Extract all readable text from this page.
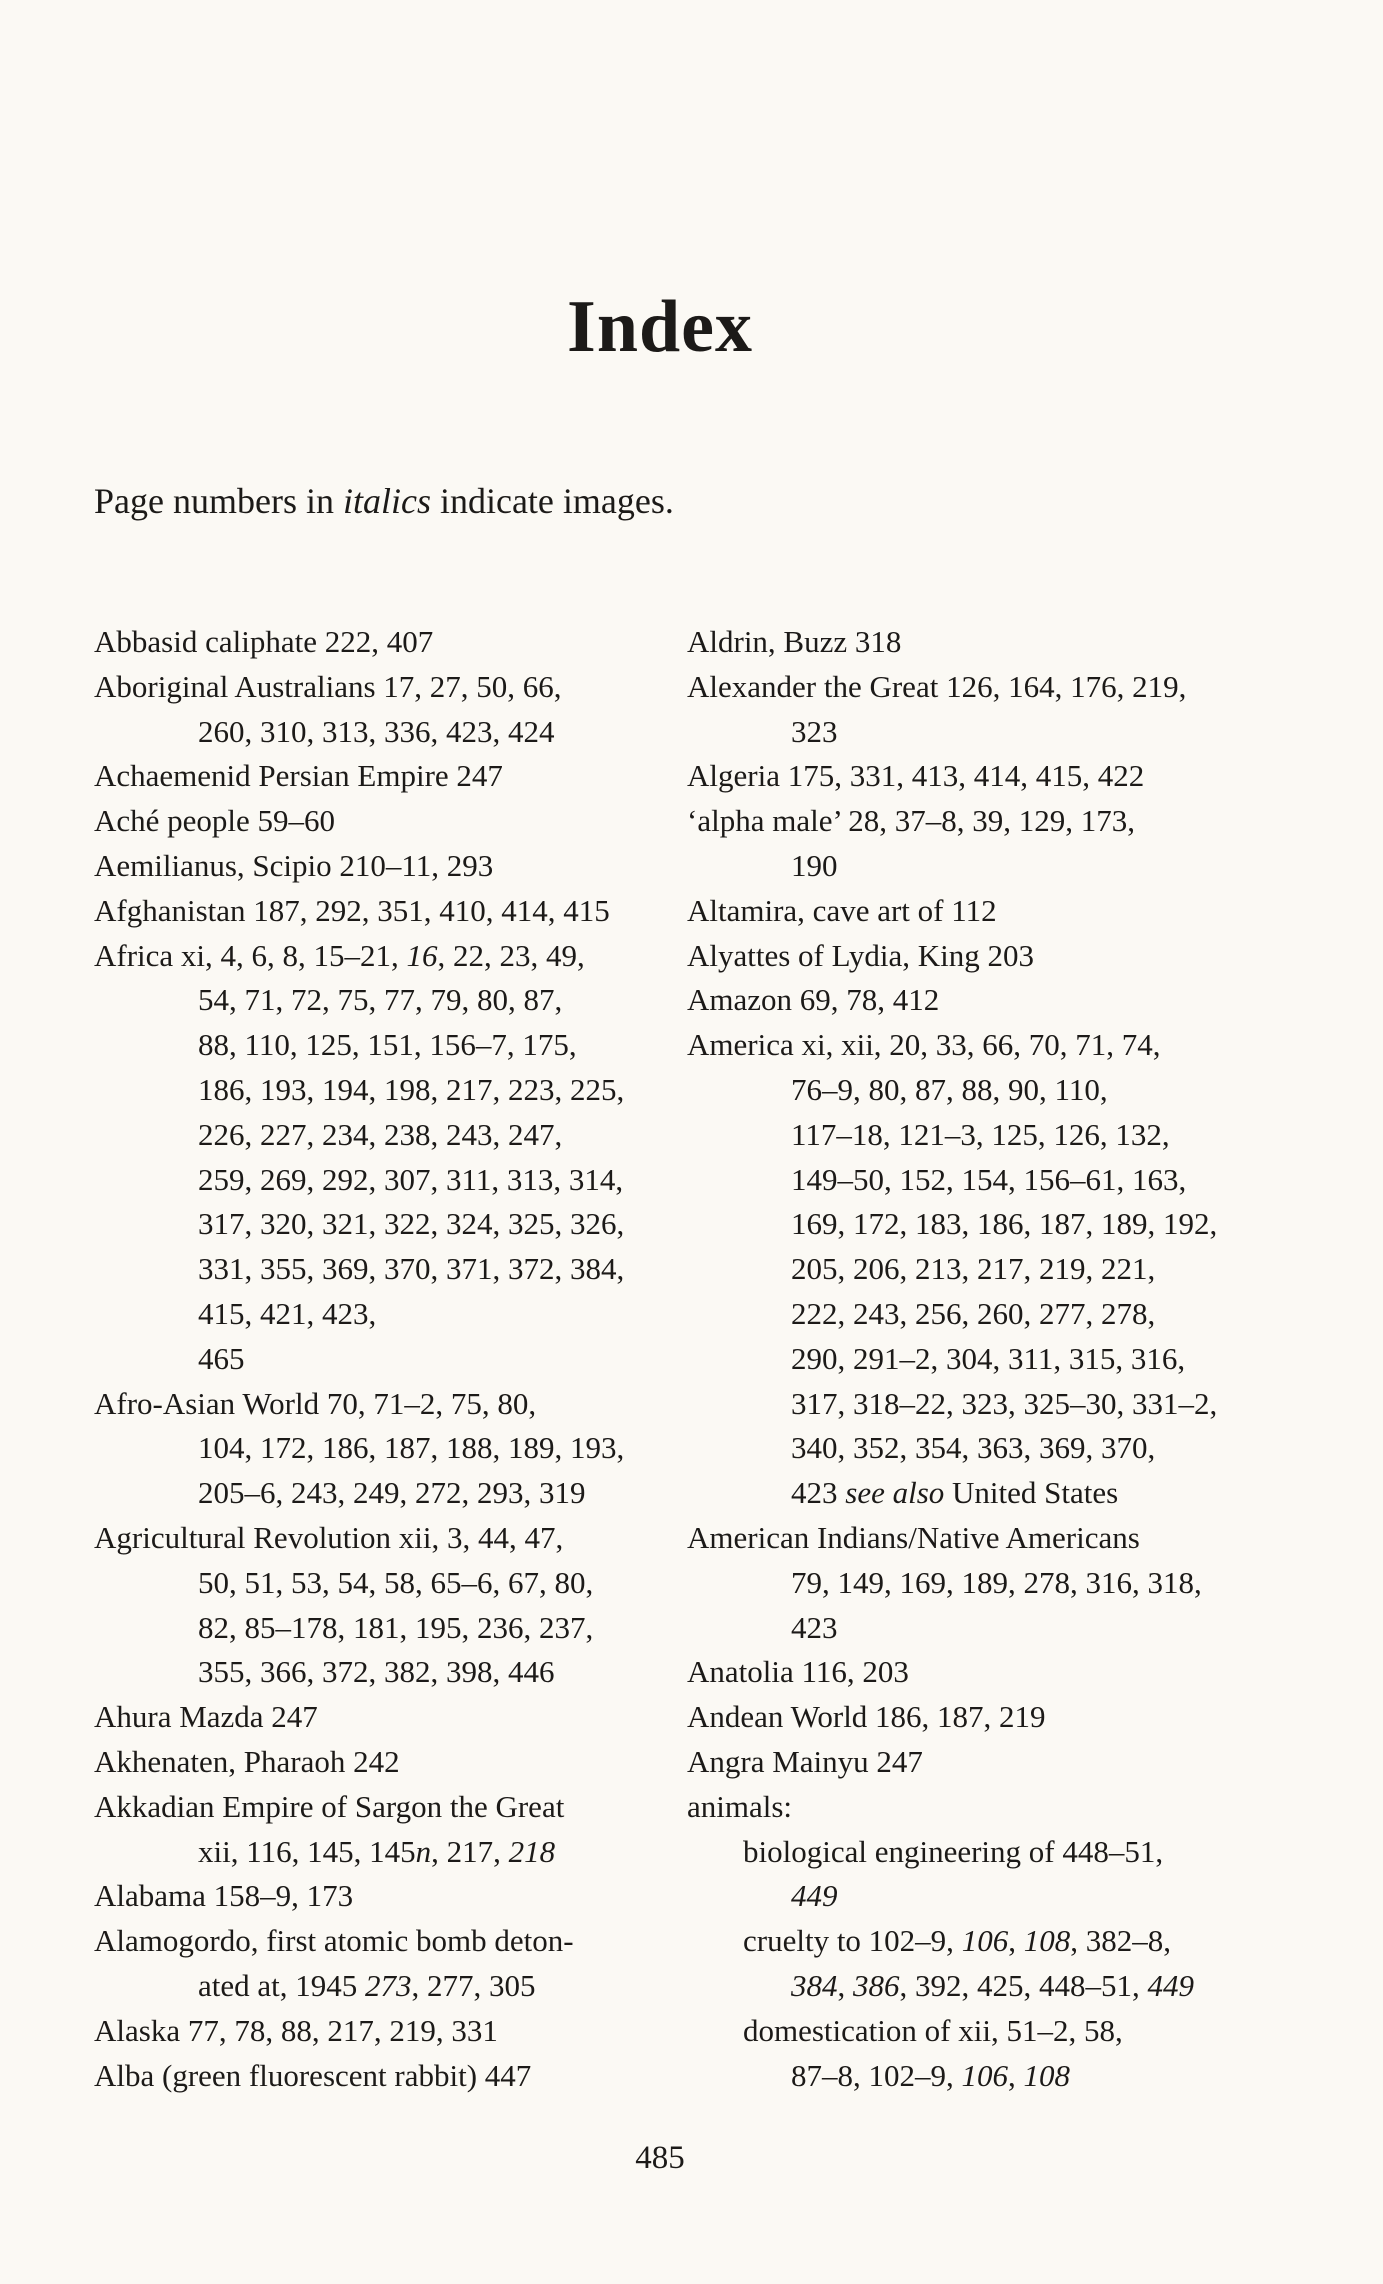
Index

Page numbers in italics indicate images.

Abbasid caliphate 222, 407
Aboriginal Australians 17, 27, 50, 66,
260, 310, 313, 336, 423, 424
Achaemenid Persian Empire 247
Aché people 59–60
Aemilianus, Scipio 210–11, 293
Afghanistan 187, 292, 351, 410, 414, 415
Africa xi, 4, 6, 8, 15–21, 16, 22, 23, 49,
54, 71, 72, 75, 77, 79, 80, 87,
88, 110, 125, 151, 156–7, 175,
186, 193, 194, 198, 217, 223, 225,
226, 227, 234, 238, 243, 247,
259, 269, 292, 307, 311, 313, 314,
317, 320, 321, 322, 324, 325, 326,
331, 355, 369, 370, 371, 372, 384,
415, 421, 423,
465
Afro-Asian World 70, 71–2, 75, 80,
104, 172, 186, 187, 188, 189, 193,
205–6, 243, 249, 272, 293, 319
Agricultural Revolution xii, 3, 44, 47,
50, 51, 53, 54, 58, 65–6, 67, 80,
82, 85–178, 181, 195, 236, 237,
355, 366, 372, 382, 398, 446
Ahura Mazda 247
Akhenaten, Pharaoh 242
Akkadian Empire of Sargon the Great
xii, 116, 145, 145n, 217, 218
Alabama 158–9, 173
Alamogordo, first atomic bomb deton-
ated at, 1945 273, 277, 305
Alaska 77, 78, 88, 217, 219, 331
Alba (green fluorescent rabbit) 447
Aldrin, Buzz 318
Alexander the Great 126, 164, 176, 219,
323
Algeria 175, 331, 413, 414, 415, 422
‘alpha male’ 28, 37–8, 39, 129, 173,
190
Altamira, cave art of 112
Alyattes of Lydia, King 203
Amazon 69, 78, 412
America xi, xii, 20, 33, 66, 70, 71, 74,
76–9, 80, 87, 88, 90, 110,
117–18, 121–3, 125, 126, 132,
149–50, 152, 154, 156–61, 163,
169, 172, 183, 186, 187, 189, 192,
205, 206, 213, 217, 219, 221,
222, 243, 256, 260, 277, 278,
290, 291–2, 304, 311, 315, 316,
317, 318–22, 323, 325–30, 331–2,
340, 352, 354, 363, 369, 370,
423 see also United States
American Indians/Native Americans
79, 149, 169, 189, 278, 316, 318,
423
Anatolia 116, 203
Andean World 186, 187, 219
Angra Mainyu 247
animals:
biological engineering of 448–51,
449
cruelty to 102–9, 106, 108, 382–8,
384, 386, 392, 425, 448–51, 449
domestication of xii, 51–2, 58,
87–8, 102–9, 106, 108
485
